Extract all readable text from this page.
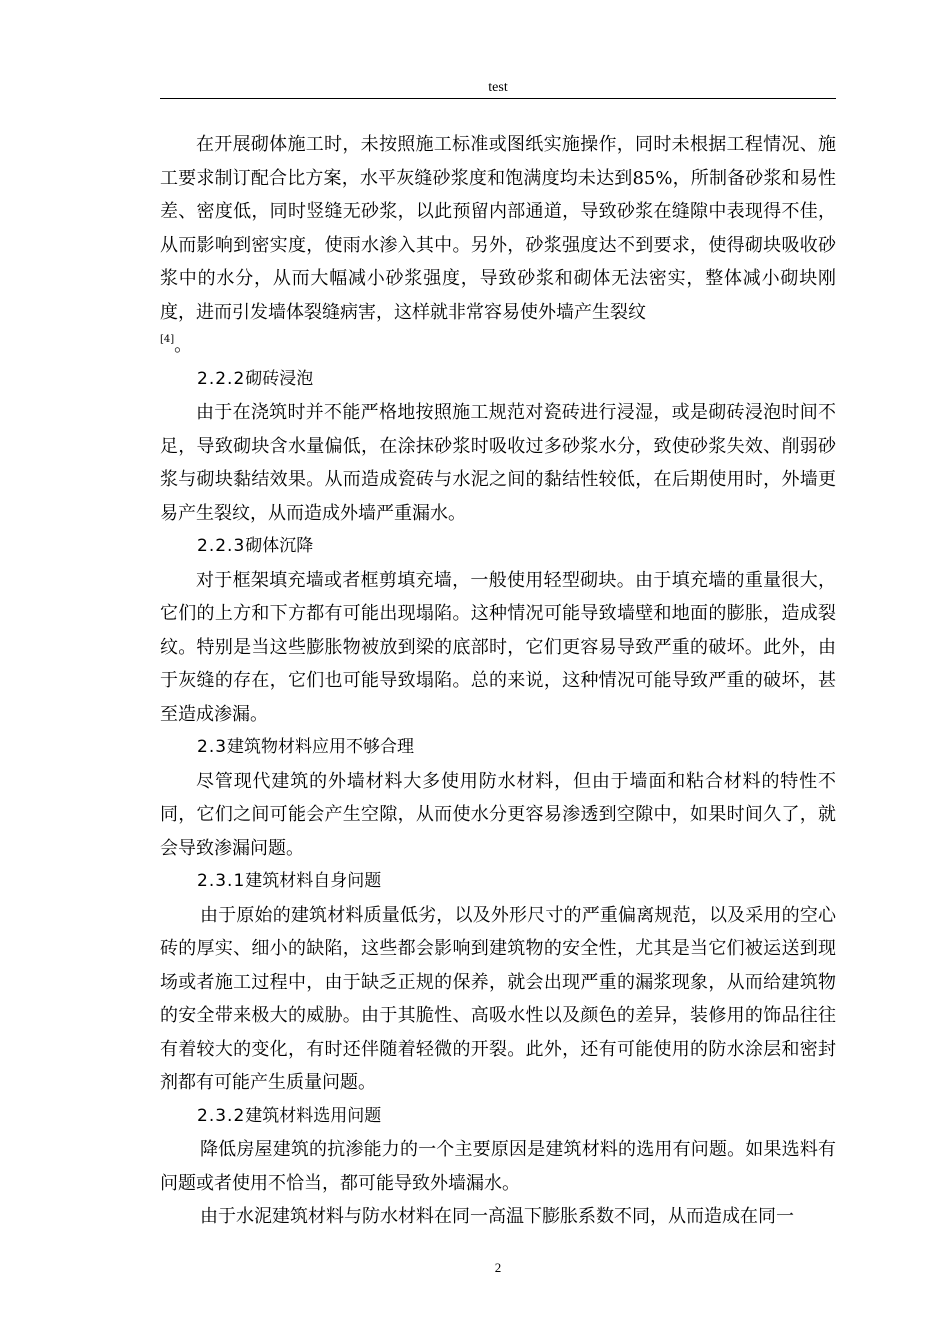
test

在开展砌体施工时，未按照施工标准或图纸实施操作，同时未根据工程情况、施工要求制订配合比方案，水平灰缝砂浆度和饱满度均未达到85%，所制备砂浆和易性差、密度低，同时竖缝无砂浆，以此预留内部通道，导致砂浆在缝隙中表现得不佳，从而影响到密实度，使雨水渗入其中。另外，砂浆强度达不到要求，使得砌块吸收砂浆中的水分，从而大幅减小砂浆强度，导致砂浆和砌体无法密实，整体减小砌块刚度，进而引发墙体裂缝病害，这样就非常容易使外墙产生裂纹
[4]。

2.2.2砌砖浸泡

由于在浇筑时并不能严格地按照施工规范对瓷砖进行浸湿，或是砌砖浸泡时间不足，导致砌块含水量偏低，在涂抹砂浆时吸收过多砂浆水分，致使砂浆失效、削弱砂浆与砌块黏结效果。从而造成瓷砖与水泥之间的黏结性较低，在后期使用时，外墙更易产生裂纹，从而造成外墙严重漏水。

2.2.3砌体沉降

对于框架填充墙或者框剪填充墙，一般使用轻型砌块。由于填充墙的重量很大，它们的上方和下方都有可能出现塌陷。这种情况可能导致墙壁和地面的膨胀，造成裂纹。特别是当这些膨胀物被放到梁的底部时，它们更容易导致严重的破坏。此外，由于灰缝的存在，它们也可能导致塌陷。总的来说，这种情况可能导致严重的破坏，甚至造成渗漏。

2.3建筑物材料应用不够合理

尽管现代建筑的外墙材料大多使用防水材料，但由于墙面和粘合材料的特性不同，它们之间可能会产生空隙，从而使水分更容易渗透到空隙中，如果时间久了，就会导致渗漏问题。

2.3.1建筑材料自身问题

由于原始的建筑材料质量低劣，以及外形尺寸的严重偏离规范，以及采用的空心砖的厚实、细小的缺陷，这些都会影响到建筑物的安全性，尤其是当它们被运送到现场或者施工过程中，由于缺乏正规的保养，就会出现严重的漏浆现象，从而给建筑物的安全带来极大的威胁。由于其脆性、高吸水性以及颜色的差异，装修用的饰品往往有着较大的变化，有时还伴随着轻微的开裂。此外，还有可能使用的防水涂层和密封剂都有可能产生质量问题。

2.3.2建筑材料选用问题

降低房屋建筑的抗渗能力的一个主要原因是建筑材料的选用有问题。如果选料有问题或者使用不恰当，都可能导致外墙漏水。

由于水泥建筑材料与防水材料在同一高温下膨胀系数不同，从而造成在同一

2
